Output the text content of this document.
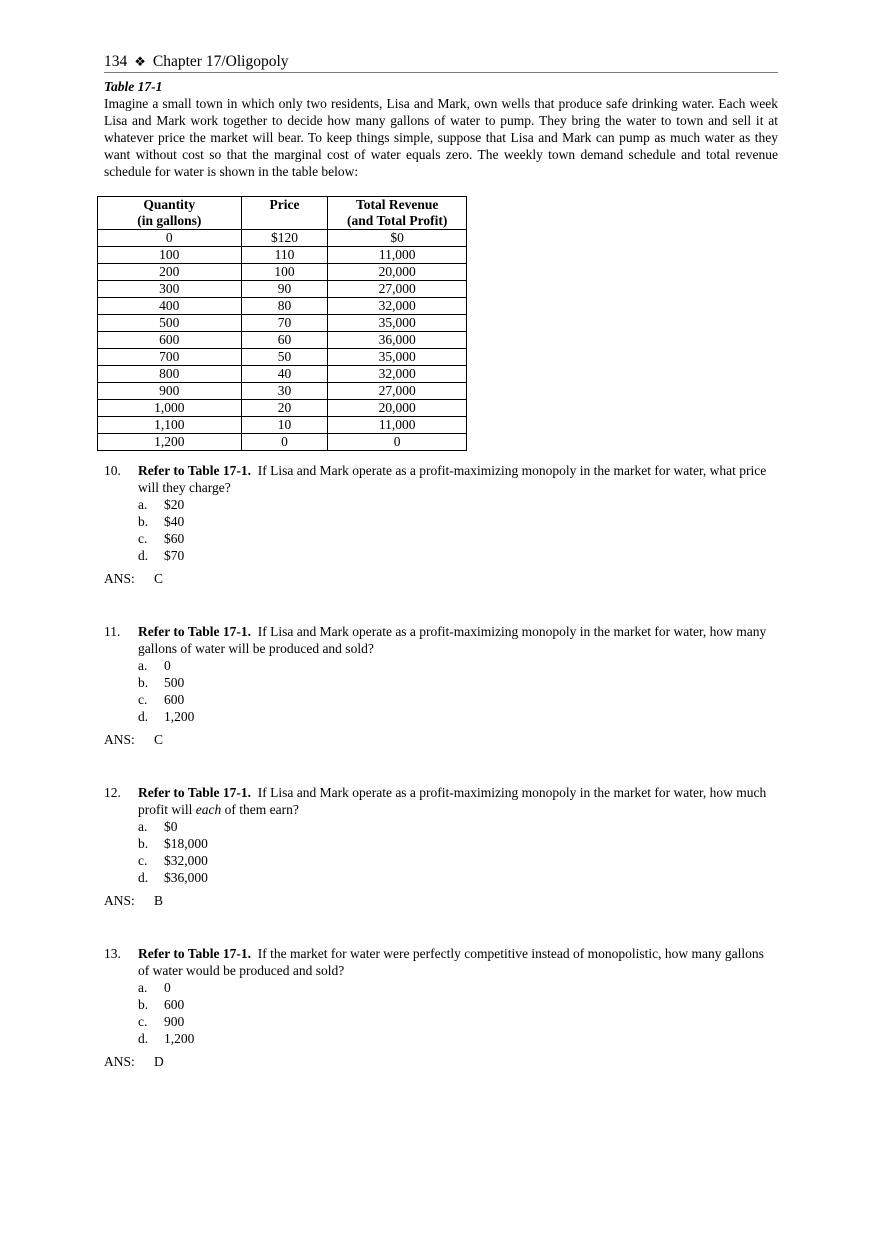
134 ❖ Chapter 17/Oligopoly
Table 17-1

Imagine a small town in which only two residents, Lisa and Mark, own wells that produce safe drinking water. Each week Lisa and Mark work together to decide how many gallons of water to pump. They bring the water to town and sell it at whatever price the market will bear. To keep things simple, suppose that Lisa and Mark can pump as much water as they want without cost so that the marginal cost of water equals zero. The weekly town demand schedule and total revenue schedule for water is shown in the table below:

Quantity
(in gallons)	Price	Total Revenue
(and Total Profit)
0	$120	$0
100	110	11,000
200	100	20,000
300	90	27,000
400	80	32,000
500	70	35,000
600	60	36,000
700	50	35,000
800	40	32,000
900	30	27,000
1,000	20	20,000
1,100	10	11,000
1,200	0	0
10. Refer to Table 17-1. If Lisa and Mark operate as a profit-maximizing monopoly in the market for water, what price will they charge?
a.	$20
b.	$40
c.	$60
d.	$70
ANS:	C
11. Refer to Table 17-1. If Lisa and Mark operate as a profit-maximizing monopoly in the market for water, how many gallons of water will be produced and sold?
a.	0
b.	500
c.	600
d.	1,200
ANS:	C
12. Refer to Table 17-1. If Lisa and Mark operate as a profit-maximizing monopoly in the market for water, how much profit will each of them earn?
a.	$0
b.	$18,000
c.	$32,000
d.	$36,000
ANS:	B
13. Refer to Table 17-1. If the market for water were perfectly competitive instead of monopolistic, how many gallons of water would be produced and sold?
a.	0
b.	600
c.	900
d.	1,200
ANS:	D
